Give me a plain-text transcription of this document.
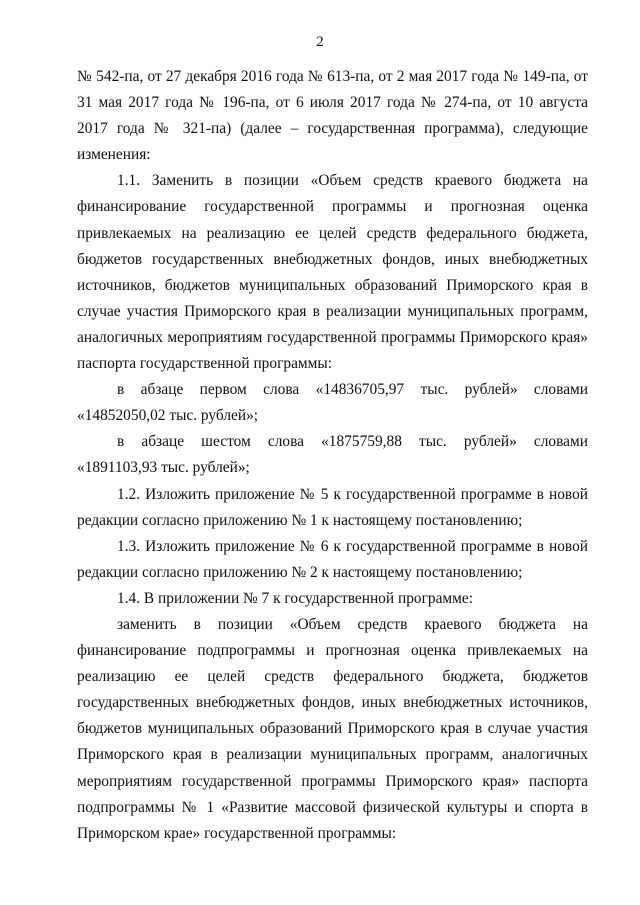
2
№ 542-па, от 27 декабря 2016 года № 613-па, от 2 мая 2017 года № 149-па, от
31 мая 2017 года № 196-па, от 6 июля 2017 года № 274-па, от 10 августа
2017 года № 321-па) (далее – государственная программа), следующие
изменения:
1.1. Заменить в позиции «Объем средств краевого бюджета на
финансирование государственной программы и прогнозная оценка
привлекаемых на реализацию ее целей средств федерального бюджета,
бюджетов государственных внебюджетных фондов, иных внебюджетных
источников, бюджетов муниципальных образований Приморского края в
случае участия Приморского края в реализации муниципальных программ,
аналогичных мероприятиям государственной программы Приморского края»
паспорта государственной программы:
в абзаце первом слова «14836705,97 тыс. рублей» словами
«14852050,02 тыс. рублей»;
в абзаце шестом слова «1875759,88 тыс. рублей» словами
«1891103,93 тыс. рублей»;
1.2. Изложить приложение № 5 к государственной программе в новой
редакции согласно приложению № 1 к настоящему постановлению;
1.3. Изложить приложение № 6 к государственной программе в новой
редакции согласно приложению № 2 к настоящему постановлению;
1.4. В приложении № 7 к государственной программе:
заменить в позиции «Объем средств краевого бюджета на
финансирование подпрограммы и прогнозная оценка привлекаемых на
реализацию ее целей средств федерального бюджета, бюджетов
государственных внебюджетных фондов, иных внебюджетных источников,
бюджетов муниципальных образований Приморского края в случае участия
Приморского края в реализации муниципальных программ, аналогичных
мероприятиям государственной программы Приморского края» паспорта
подпрограммы № 1 «Развитие массовой физической культуры и спорта в
Приморском крае» государственной программы:
